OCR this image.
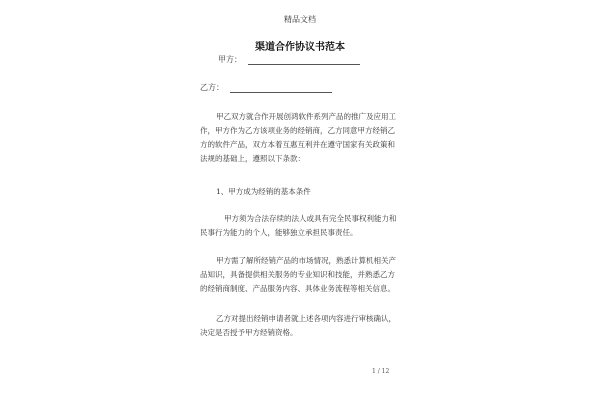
精品文档
渠道合作协议书范本
甲方：
乙方：
甲乙双方就合作开展创鸿软件系列产品的推广及应用工作，甲方作为乙方该项业务的经销商，乙方同意甲方经销乙方的软件产品，双方本着互惠互利并在遵守国家有关政策和法规的基础上，遵照以下条款：
1、甲方成为经销的基本条件
甲方须为合法存续的法人或具有完全民事权利能力和民事行为能力的个人，能够独立承担民事责任。
甲方需了解所经销产品的市场情况，熟悉计算机相关产品知识，具备提供相关服务的专业知识和技能，并熟悉乙方的经销商制度、产品服务内容、具体业务流程等相关信息。
乙方对提出经销申请者就上述各项内容进行审核确认，决定是否授予甲方经销资格。
1 / 12
